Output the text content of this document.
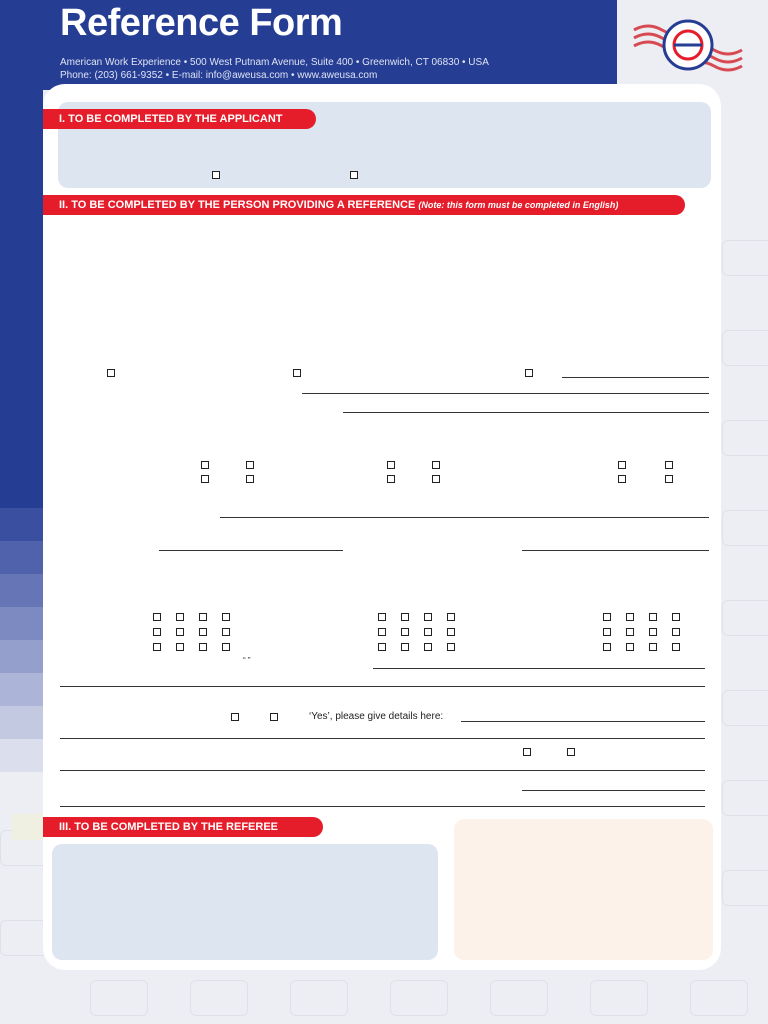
Reference Form
American Work Experience • 500 West Putnam Avenue, Suite 400 • Greenwich, CT 06830 • USA
Phone: (203) 661-9352 • E-mail: info@aweusa.com • www.aweusa.com
I. TO BE COMPLETED BY THE APPLICANT
II. TO BE COMPLETED BY THE PERSON PROVIDING A REFERENCE (Note: this form must be completed in English)
“ ”
‘Yes’, please give details here:
III. TO BE COMPLETED BY THE REFEREE
